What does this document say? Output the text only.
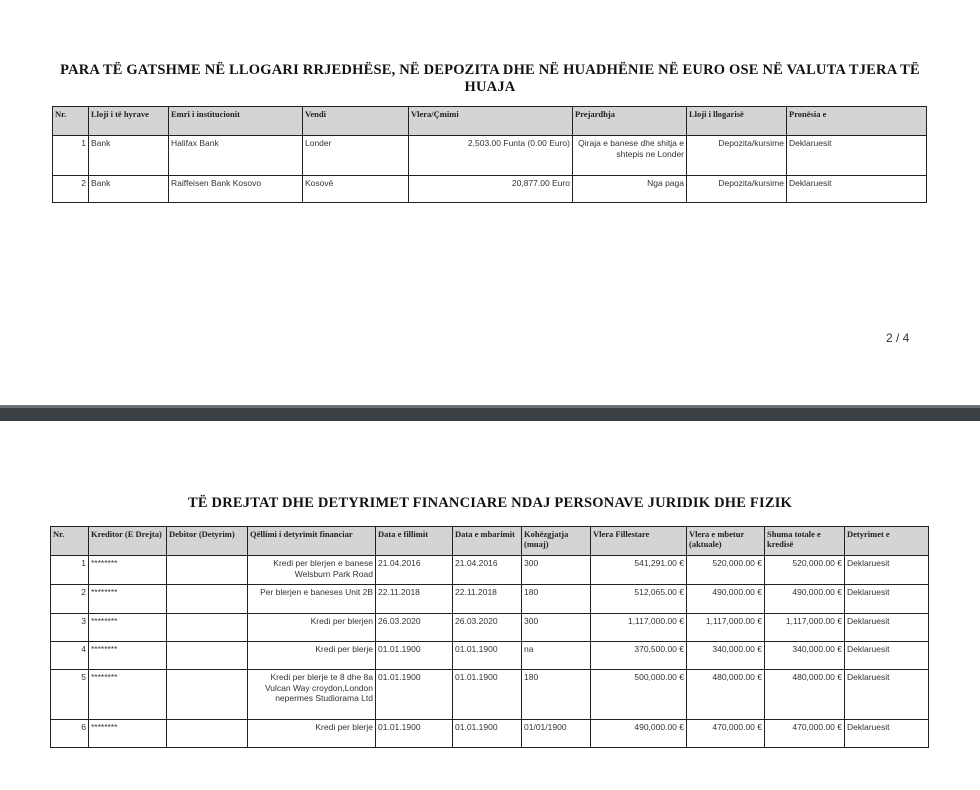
PARA TË GATSHME NË LLOGARI RRJEDHËSE, NË DEPOZITA DHE NË HUADHËNIE NË EURO OSE NË VALUTA TJERA TË HUAJA
Nr.	Lloji i të hyrave	Emri i institucionit	Vendi	Vlera/Çmimi	Prejardhja	Lloji i llogarisë	Pronësia e
1	Bank	Halifax Bank	Londer	2,503.00 Funta (0.00 Euro)	Qiraja e banese dhe shitja e shtepis ne Londer	Depozita/kursime	Deklaruesit
2	Bank	Raiffeisen Bank Kosovo	Kosovë	20,877.00 Euro	Nga paga	Depozita/kursime	Deklaruesit
2 / 4
TË DREJTAT DHE DETYRIMET FINANCIARE NDAJ PERSONAVE JURIDIK DHE FIZIK
Nr.	Kreditor (E Drejta)	Debitor (Detyrim)	Qëllimi i detyrimit financiar	Data e fillimit	Data e mbarimit	Kohëzgjatja (muaj)	Vlera Fillestare	Vlera e mbetur (aktuale)	Shuma totale e kredisë	Detyrimet e
1	********		Kredi per blerjen e banese Welsburn Park Road	21.04.2016	21.04.2016	300	541,291.00 €	520,000.00 €	520,000.00 €	Deklaruesit
2	********		Per blerjen e baneses Unit 2B	22.11.2018	22.11.2018	180	512,065.00 €	490,000.00 €	490,000.00 €	Deklaruesit
3	********		Kredi per blerjen	26.03.2020	26.03.2020	300	1,117,000.00 €	1,117,000.00 €	1,117,000.00 €	Deklaruesit
4	********		Kredi per blerje	01.01.1900	01.01.1900	na	370,500.00 €	340,000.00 €	340,000.00 €	Deklaruesit
5	********		Kredi per blerje te 8 dhe 8a Vulcan Way croydon,London nepermes Studiorama Ltd	01.01.1900	01.01.1900	180	500,000.00 €	480,000.00 €	480,000.00 €	Deklaruesit
6	********		Kredi per blerje	01.01.1900	01.01.1900	01/01/1900	490,000.00 €	470,000.00 €	470,000.00 €	Deklaruesit
